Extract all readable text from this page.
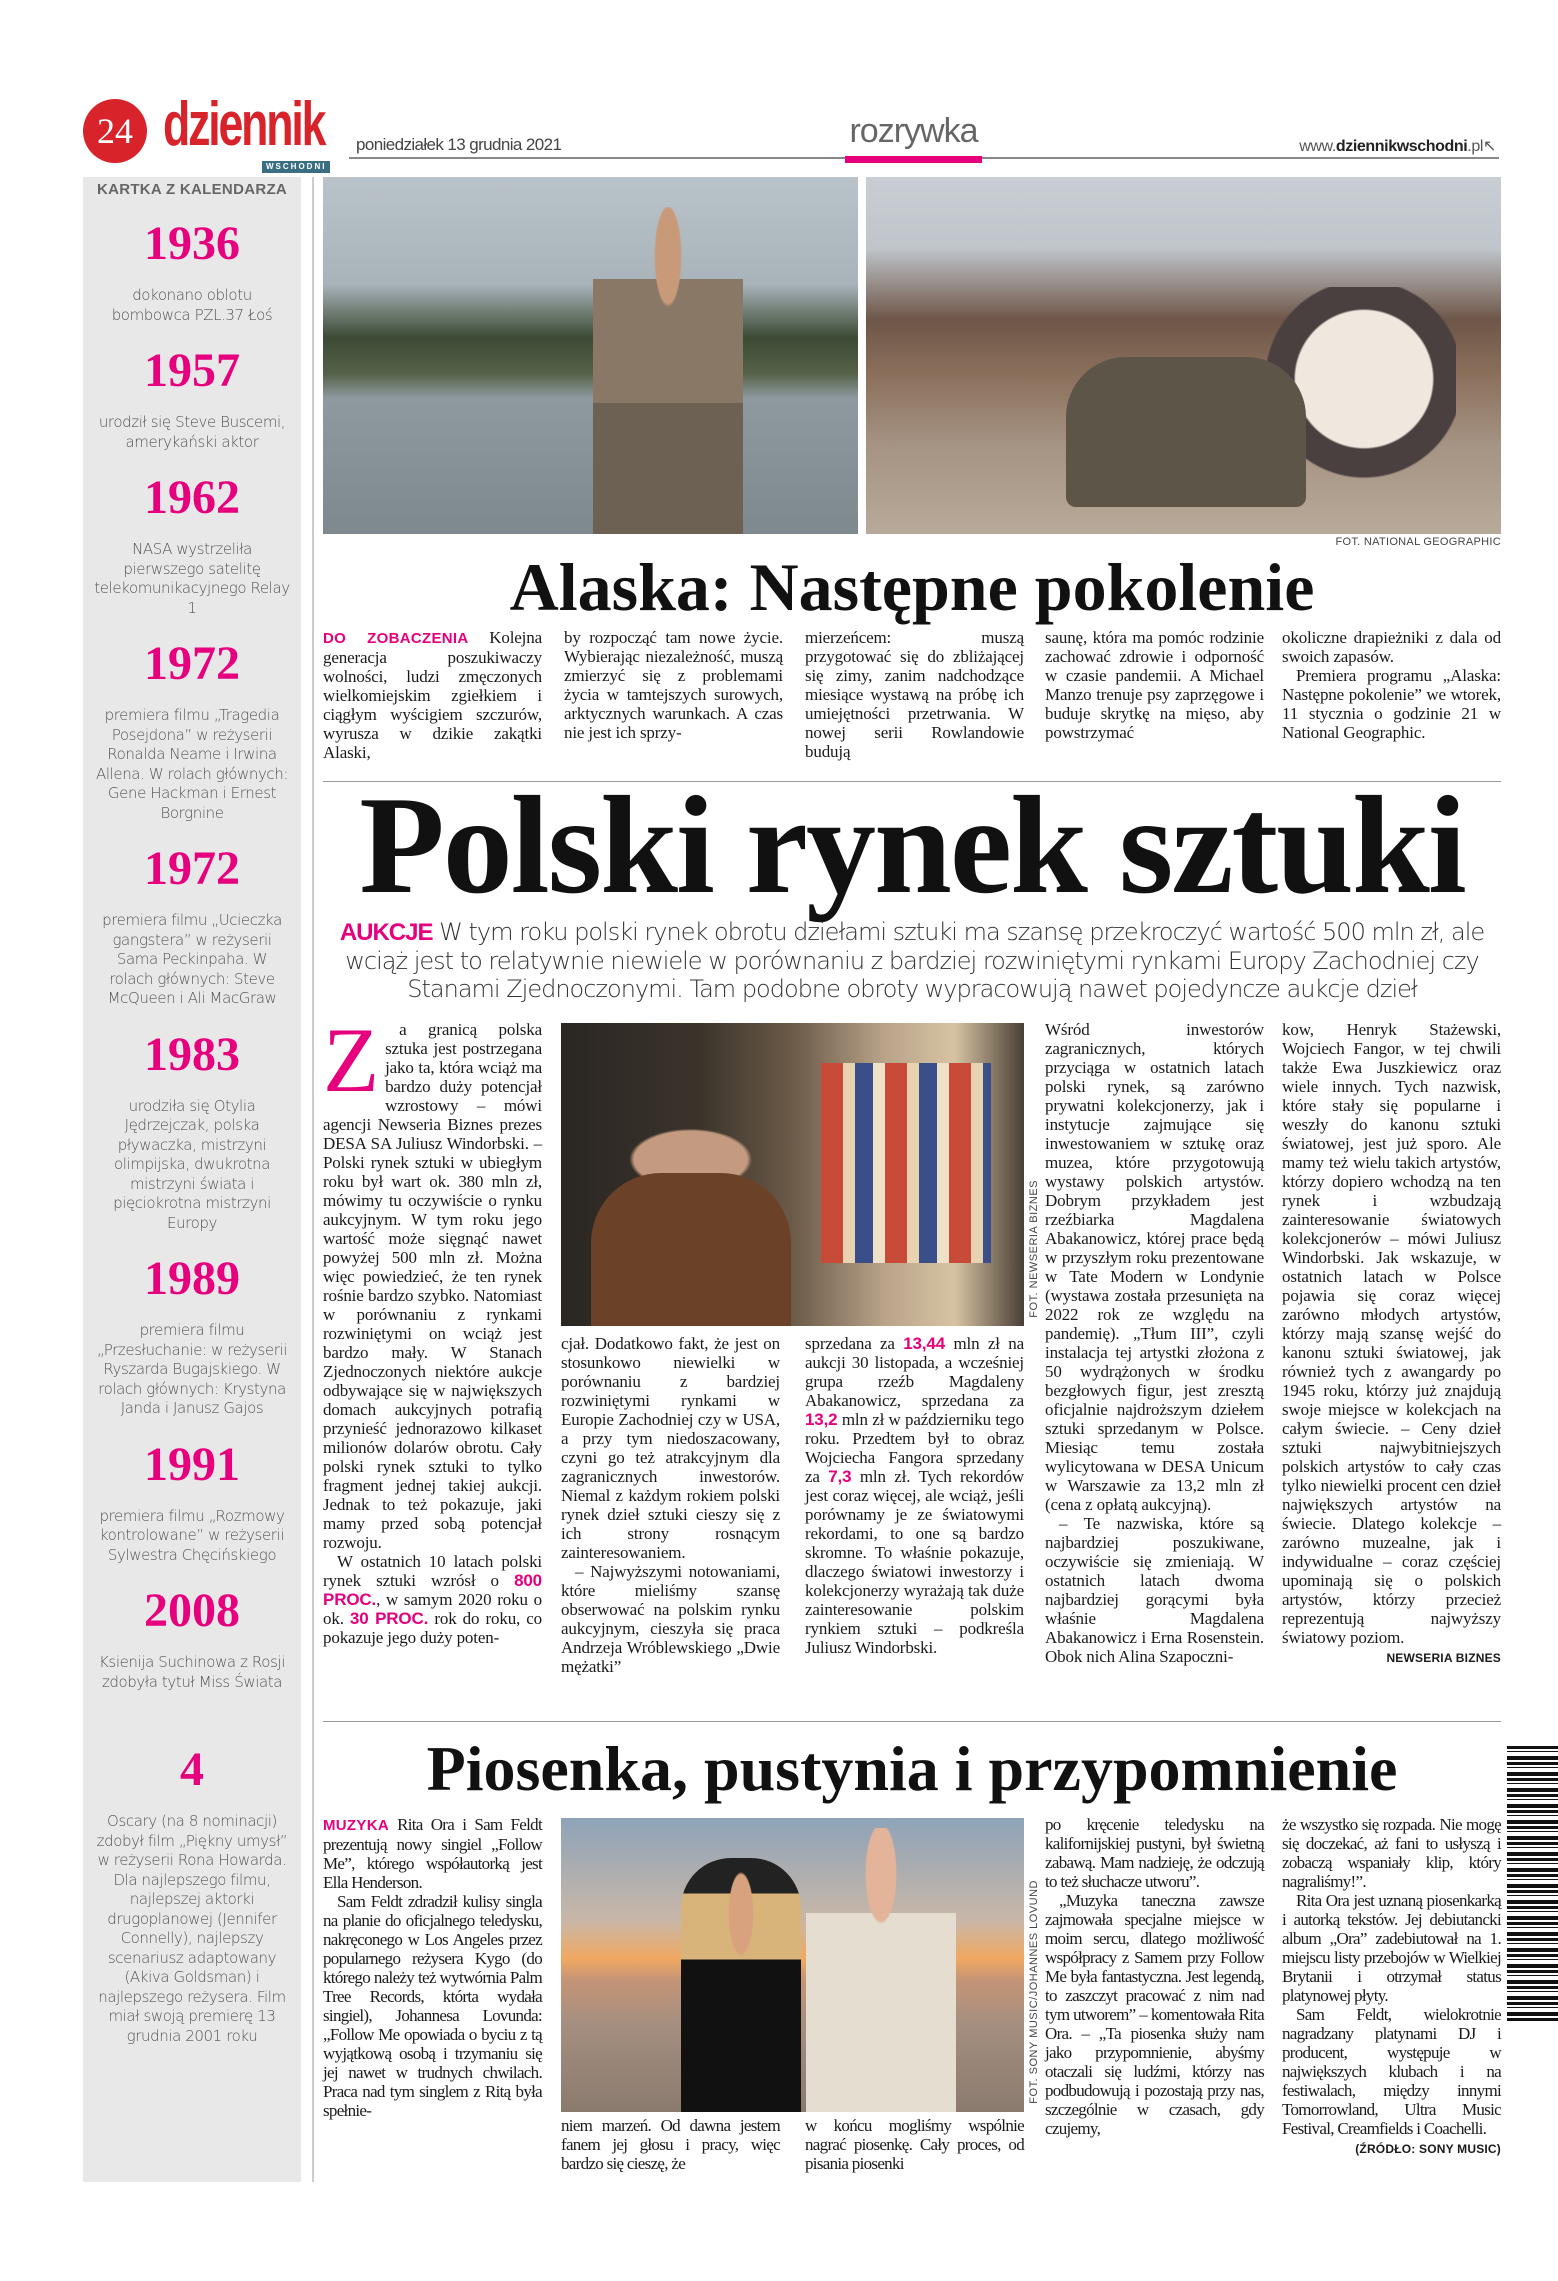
24 dziennik
WSCHODNI
poniedziałek 13 grudnia 2021	rozrywka	www.dziennikwschodni.pl↖
KARTKA Z KALENDARZA
1936
dokonano oblotu bombowca PZL.37 Łoś
1957
urodził się Steve Buscemi, amerykański aktor
1962
NASA wystrzeliła pierwszego satelitę telekomunikacyjnego Relay 1
1972
premiera filmu „Tragedia Posejdona” w reżyserii Ronalda Neame i Irwina Allena. W rolach głównych: Gene Hackman i Ernest Borgnine
1972
premiera filmu „Ucieczka gangstera” w reżyserii Sama Peckinpaha. W rolach głównych: Steve McQueen i Ali MacGraw
1983
urodziła się Otylia Jędrzejczak, polska pływaczka, mistrzyni olimpijska, dwukrotna mistrzyni świata i pięciokrotna mistrzyni Europy
1989
premiera filmu „Przesłuchanie: w reżyserii Ryszarda Bugajskiego. W rolach głównych: Krystyna Janda i Janusz Gajos
1991
premiera filmu „Rozmowy kontrolowane” w reżyserii Sylwestra Chęcińskiego
2008
Ksienija Suchinowa z Rosji zdobyła tytuł Miss Świata
4
Oscary (na 8 nominacji) zdobył film „Piękny umysł” w reżyserii Rona Howarda. Dla najlepszego filmu, najlepszej aktorki drugoplanowej (Jennifer Connelly), najlepszy scenariusz adaptowany (Akiva Goldsman) i najlepszego reżysera. Film miał swoją premierę 13 grudnia 2001 roku
FOT. NATIONAL GEOGRAPHIC
Alaska: Następne pokolenie

DO ZOBACZENIA Kolejna generacja poszukiwaczy wolności, ludzi zmęczonych wielkomiejskim zgiełkiem i ciągłym wyścigiem szczurów, wyrusza w dzikie zakątki Alaski,

by rozpocząć tam nowe życie. Wybierając niezależność, muszą zmierzyć się z problemami życia w tamtejszych surowych, arktycznych warunkach. A czas nie jest ich sprzy-

mierzeńcem: muszą przygotować się do zbliżającej się zimy, zanim nadchodzące miesiące wystawą na próbę ich umiejętności przetrwania. W nowej serii Rowlandowie budują

saunę, która ma pomóc rodzinie zachować zdrowie i odporność w czasie pandemii. A Michael Manzo trenuje psy zaprzęgowe i buduje skrytkę na mięso, aby powstrzymać

okoliczne drapieżniki z dala od swoich zapasów.

Premiera programu „Alaska: Następne pokolenie” we wtorek, 11 stycznia o godzinie 21 w National Geographic.

Polski rynek sztuki
AUKCJE W tym roku polski rynek obrotu dziełami sztuki ma szansę przekroczyć wartość 500 mln zł, ale wciąż jest to relatywnie niewiele w porównaniu z bardziej rozwiniętymi rynkami Europy Zachodniej czy Stanami Zjednoczonymi. Tam podobne obroty wypracowują nawet pojedyncze aukcje dzieł
FOT. NEWSERIA BIZNES
Z	a granicą polska sztuka jest postrzegana jako ta, która wciąż ma bardzo duży potencjał wzrostowy – mówi agencji Newseria Biznes prezes DESA SA Juliusz Windorbski. – Polski rynek sztuki w ubiegłym roku był wart ok. 380 mln zł, mówimy tu oczywiście o rynku aukcyjnym. W tym roku jego wartość może sięgnąć nawet powyżej 500 mln zł. Można więc powiedzieć, że ten rynek rośnie bardzo szybko. Natomiast w porównaniu z rynkami rozwiniętymi on wciąż jest bardzo mały. W Stanach Zjednoczonych niektóre aukcje odbywające się w największych domach aukcyjnych potrafią przynieść jednorazowo kilkaset milionów dolarów obrotu. Cały polski rynek sztuki to tylko fragment jednej takiej aukcji. Jednak to też pokazuje, jaki mamy przed sobą potencjał rozwoju.

W ostatnich 10 latach polski rynek sztuki wzrósł o 800 PROC., w samym 2020 roku o ok. 30 PROC. rok do roku, co pokazuje jego duży poten-

cjał. Dodatkowo fakt, że jest on stosunkowo niewielki w porównaniu z bardziej rozwiniętymi rynkami w Europie Zachodniej czy w USA, a przy tym niedoszacowany, czyni go też atrakcyjnym dla zagranicznych inwestorów. Niemal z każdym rokiem polski rynek dzieł sztuki cieszy się z ich strony rosnącym zainteresowaniem.

– Najwyższymi notowaniami, które mieliśmy szansę obserwować na polskim rynku aukcyjnym, cieszyła się praca Andrzeja Wróblewskiego „Dwie mężatki”

sprzedana za 13,44 mln zł na aukcji 30 listopada, a wcześniej grupa rzeźb Magdaleny Abakanowicz, sprzedana za 13,2 mln zł w październiku tego roku. Przedtem był to obraz Wojciecha Fangora sprzedany za 7,3 mln zł. Tych rekordów jest coraz więcej, ale wciąż, jeśli porównamy je ze światowymi rekordami, to one są bardzo skromne. To właśnie pokazuje, dlaczego światowi inwestorzy i kolekcjonerzy wyrażają tak duże zainteresowanie polskim rynkiem sztuki – podkreśla Juliusz Windorbski.

Wśród inwestorów zagranicznych, których przyciąga w ostatnich latach polski rynek, są zarówno prywatni kolekcjonerzy, jak i instytucje zajmujące się inwestowaniem w sztukę oraz muzea, które przygotowują wystawy polskich artystów. Dobrym przykładem jest rzeźbiarka Magdalena Abakanowicz, której prace będą w przyszłym roku prezentowane w Tate Modern w Londynie (wystawa została przesunięta na 2022 rok ze względu na pandemię). „Tłum III”, czyli instalacja tej artystki złożona z 50 wydrążonych w środku bezgłowych figur, jest zresztą oficjalnie najdroższym dziełem sztuki sprzedanym w Polsce. Miesiąc temu została wylicytowana w DESA Unicum w Warszawie za 13,2 mln zł (cena z opłatą aukcyjną).

– Te nazwiska, które są najbardziej poszukiwane, oczywiście się zmieniają. W ostatnich latach dwoma najbardziej gorącymi była właśnie Magdalena Abakanowicz i Erna Rosenstein. Obok nich Alina Szapoczni-

kow, Henryk Stażewski, Wojciech Fangor, w tej chwili także Ewa Juszkiewicz oraz wiele innych. Tych nazwisk, które stały się popularne i weszły do kanonu sztuki światowej, jest już sporo. Ale mamy też wielu takich artystów, którzy dopiero wchodzą na ten rynek i wzbudzają zainteresowanie światowych kolekcjonerów – mówi Juliusz Windorbski. Jak wskazuje, w ostatnich latach w Polsce pojawia się coraz więcej zarówno młodych artystów, którzy mają szansę wejść do kanonu sztuki światowej, jak również tych z awangardy po 1945 roku, którzy już znajdują swoje miejsce w kolekcjach na całym świecie. – Ceny dzieł sztuki najwybitniejszych polskich artystów to cały czas tylko niewielki procent cen dzieł największych artystów na świecie. Dlatego kolekcje – zarówno muzealne, jak i indywidualne – coraz częściej upominają się o polskich artystów, którzy przecież reprezentują najwyższy światowy poziom.
NEWSERIA BIZNES

Piosenka, pustynia i przypomnienie
FOT. SONY MUSIC/JOHANNES LOVUND

MUZYKA Rita Ora i Sam Feldt prezentują nowy singiel „Follow Me”, którego współautorką jest Ella Henderson.

Sam Feldt zdradził kulisy singla na planie do oficjalnego teledysku, nakręconego w Los Angeles przez popularnego reżysera Kygo (do którego należy też wytwórnia Palm Tree Records, którta wydała singiel), Johannesa Lovunda: „Follow Me opowiada o byciu z tą wyjątkową osobą i trzymaniu się jej nawet w trudnych chwilach. Praca nad tym singlem z Ritą była spełnie-

niem marzeń. Od dawna jestem fanem jej głosu i pracy, więc bardzo się cieszę, że

w końcu mogliśmy wspólnie nagrać piosenkę. Cały proces, od pisania piosenki

po kręcenie teledysku na kalifornijskiej pustyni, był świetną zabawą. Mam nadzieję, że odczują to też słuchacze utworu”.

„Muzyka taneczna zawsze zajmowała specjalne miejsce w moim sercu, dlatego możliwość współpracy z Samem przy Follow Me była fantastyczna. Jest legendą, to zaszczyt pracować z nim nad tym utworem” – komentowała Rita Ora. – „Ta piosenka służy nam jako przypomnienie, abyśmy otaczali się ludźmi, którzy nas podbudowują i pozostają przy nas, szczególnie w czasach, gdy czujemy,

że wszystko się rozpada. Nie mogę się doczekać, aż fani to usłyszą i zobaczą wspaniały klip, który nagraliśmy!”.

Rita Ora jest uznaną piosenkarką i autorką tekstów. Jej debiutancki album „Ora” zadebiutował na 1. miejscu listy przebojów w Wielkiej Brytanii i otrzymał status platynowej płyty.

Sam Feldt, wielokrotnie nagradzany platynami DJ i producent, występuje w największych klubach i na festiwalach, między innymi Tomorrowland, Ultra Music Festival, Creamfields i Coachelli.
(ŹRÓDŁO: SONY MUSIC)
